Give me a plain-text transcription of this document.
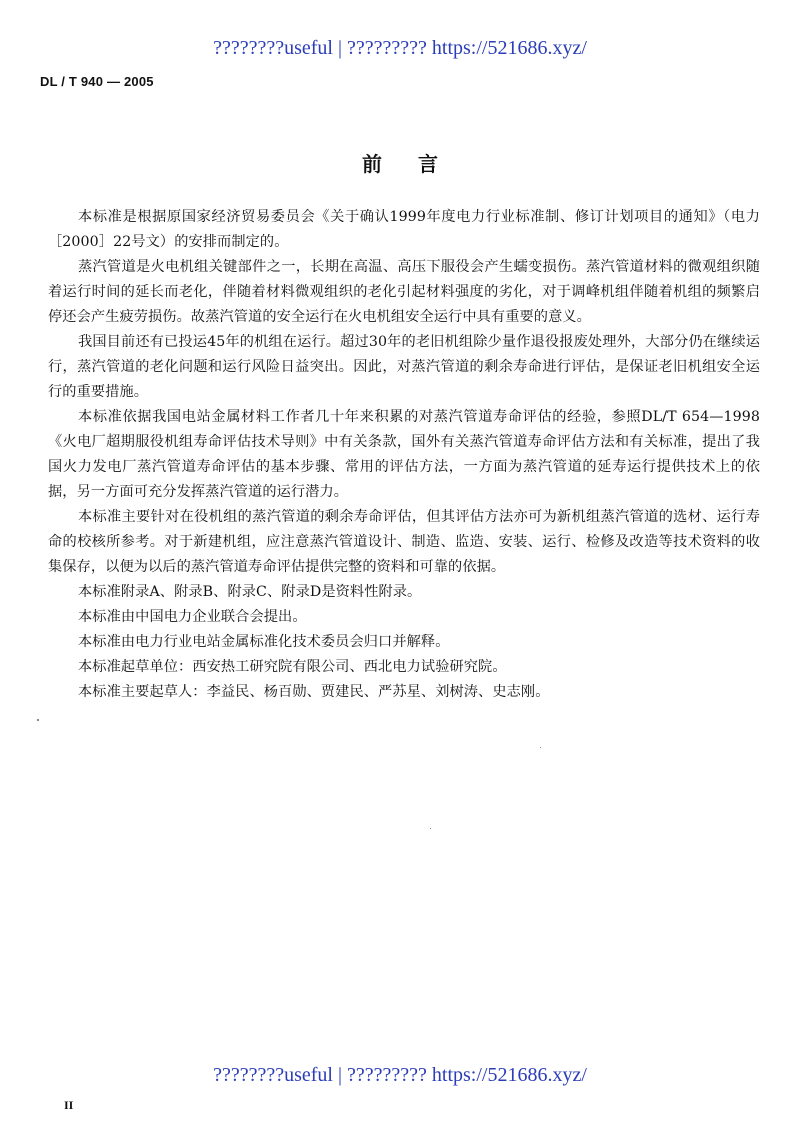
????????useful | ????????? https://521686.xyz/
DL / T 940 — 2005
前言

本标准是根据原国家经济贸易委员会《关于确认1999年度电力行业标准制、修订计划项目的通知》（电力［2000］22号文）的安排而制定的。

蒸汽管道是火电机组关键部件之一，长期在高温、高压下服役会产生蠕变损伤。蒸汽管道材料的微观组织随着运行时间的延长而老化，伴随着材料微观组织的老化引起材料强度的劣化，对于调峰机组伴随着机组的频繁启停还会产生疲劳损伤。故蒸汽管道的安全运行在火电机组安全运行中具有重要的意义。

我国目前还有已投运45年的机组在运行。超过30年的老旧机组除少量作退役报废处理外，大部分仍在继续运行，蒸汽管道的老化问题和运行风险日益突出。因此，对蒸汽管道的剩余寿命进行评估，是保证老旧机组安全运行的重要措施。

本标准依据我国电站金属材料工作者几十年来积累的对蒸汽管道寿命评估的经验，参照DL/T 654—1998《火电厂超期服役机组寿命评估技术导则》中有关条款，国外有关蒸汽管道寿命评估方法和有关标准，提出了我国火力发电厂蒸汽管道寿命评估的基本步骤、常用的评估方法，一方面为蒸汽管道的延寿运行提供技术上的依据，另一方面可充分发挥蒸汽管道的运行潜力。

本标准主要针对在役机组的蒸汽管道的剩余寿命评估，但其评估方法亦可为新机组蒸汽管道的选材、运行寿命的校核所参考。对于新建机组，应注意蒸汽管道设计、制造、监造、安装、运行、检修及改造等技术资料的收集保存，以便为以后的蒸汽管道寿命评估提供完整的资料和可靠的依据。

本标准附录A、附录B、附录C、附录D是资料性附录。

本标准由中国电力企业联合会提出。

本标准由电力行业电站金属标准化技术委员会归口并解释。

本标准起草单位：西安热工研究院有限公司、西北电力试验研究院。

本标准主要起草人：李益民、杨百勋、贾建民、严苏星、刘树涛、史志刚。

????????useful | ????????? https://521686.xyz/
II
